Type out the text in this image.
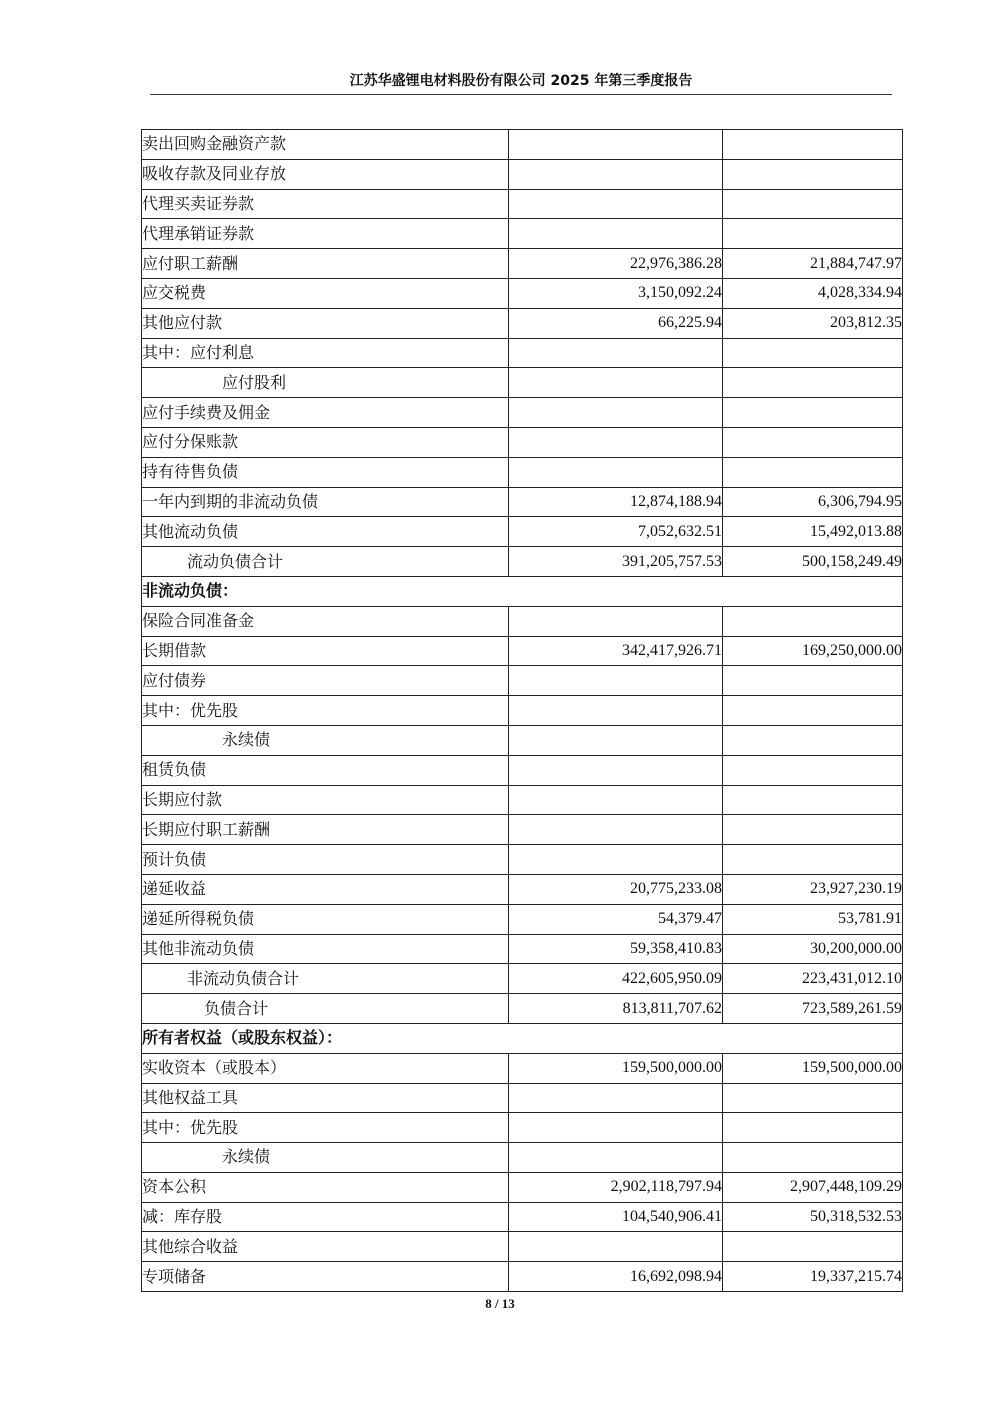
江苏华盛锂电材料股份有限公司 2025 年第三季度报告
卖出回购金融资产款		
吸收存款及同业存放		
代理买卖证券款		
代理承销证券款		
应付职工薪酬	22,976,386.28	21,884,747.97
应交税费	3,150,092.24	4,028,334.94
其他应付款	66,225.94	203,812.35
其中：应付利息		
应付股利		
应付手续费及佣金		
应付分保账款		
持有待售负债		
一年内到期的非流动负债	12,874,188.94	6,306,794.95
其他流动负债	7,052,632.51	15,492,013.88
流动负债合计	391,205,757.53	500,158,249.49
非流动负债：		
保险合同准备金		
长期借款	342,417,926.71	169,250,000.00
应付债券		
其中：优先股		
永续债		
租赁负债		
长期应付款		
长期应付职工薪酬		
预计负债		
递延收益	20,775,233.08	23,927,230.19
递延所得税负债	54,379.47	53,781.91
其他非流动负债	59,358,410.83	30,200,000.00
非流动负债合计	422,605,950.09	223,431,012.10
负债合计	813,811,707.62	723,589,261.59
所有者权益（或股东权益）：		
实收资本（或股本）	159,500,000.00	159,500,000.00
其他权益工具		
其中：优先股		
永续债		
资本公积	2,902,118,797.94	2,907,448,109.29
减：库存股	104,540,906.41	50,318,532.53
其他综合收益		
专项储备	16,692,098.94	19,337,215.74
8 / 13
